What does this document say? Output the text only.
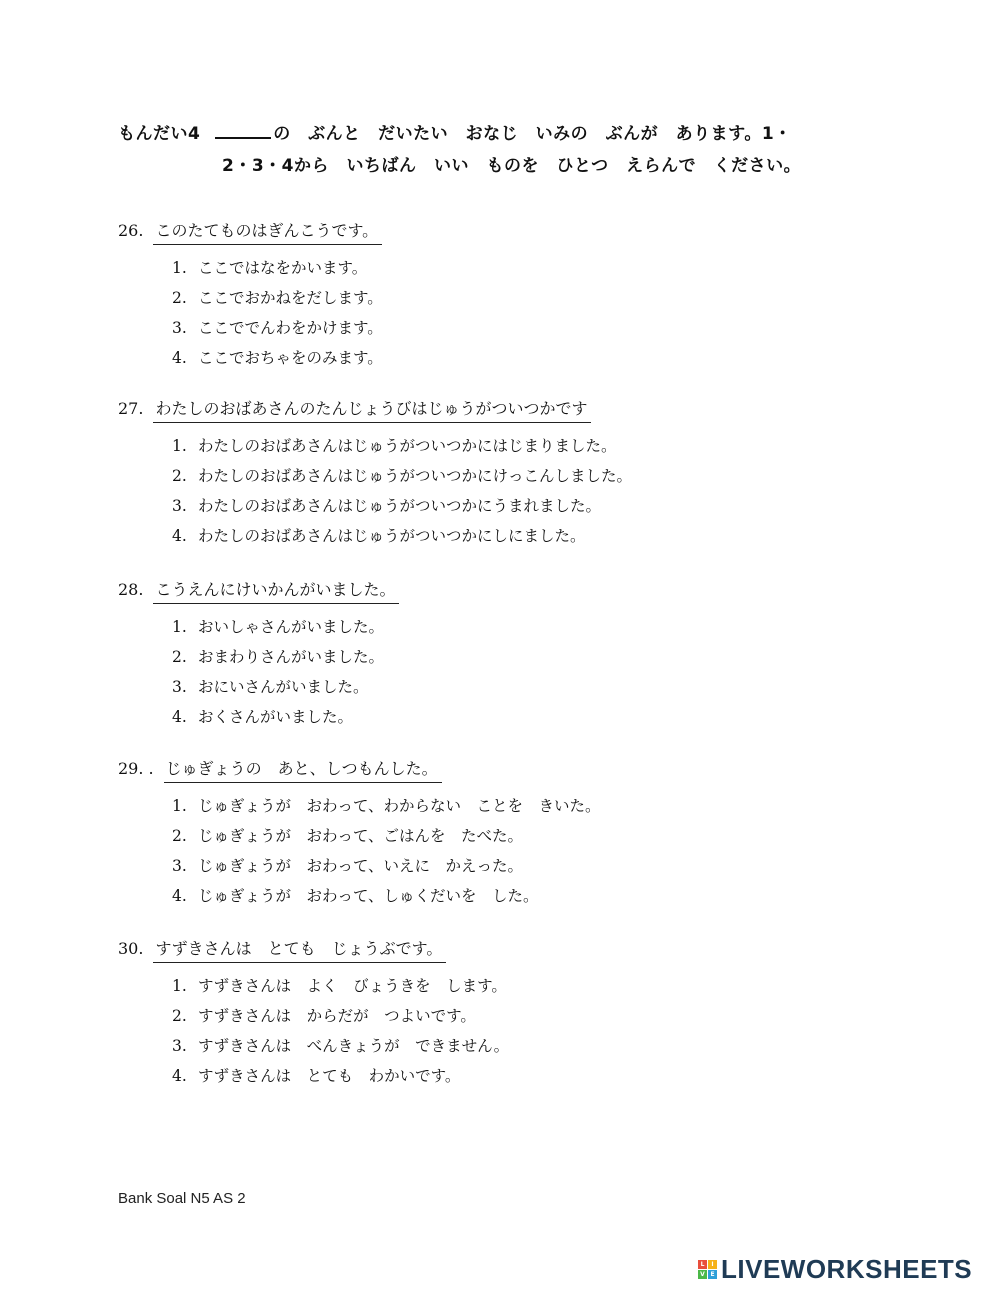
もんだい4	の　ぶんと　だいたい　おなじ　いみの　ぶんが　あります。1・
2・3・4から　いちばん　いい　ものを　ひとつ　えらんで　ください。
26. このたてものはぎんこうです。
1. ここではなをかいます。
2. ここでおかねをだします。
3. ここででんわをかけます。
4. ここでおちゃをのみます。
27. わたしのおばあさんのたんじょうびはじゅうがついつかです
1. わたしのおばあさんはじゅうがついつかにはじまりました。
2. わたしのおばあさんはじゅうがついつかにけっこんしました。
3. わたしのおばあさんはじゅうがついつかにうまれました。
4. わたしのおばあさんはじゅうがついつかにしにました。
28. こうえんにけいかんがいました。
1. おいしゃさんがいました。
2. おまわりさんがいました。
3. おにいさんがいました。
4. おくさんがいました。
29. . じゅぎょうの　あと、しつもんした。
1. じゅぎょうが　おわって、わからない　ことを　きいた。
2. じゅぎょうが　おわって、ごはんを　たべた。
3. じゅぎょうが　おわって、いえに　かえった。
4. じゅぎょうが　おわって、しゅくだいを　した。
30. すずきさんは　とても　じょうぶです。
1. すずきさんは　よく　びょうきを　します。
2. すずきさんは　からだが　つよいです。
3. すずきさんは　べんきょうが　できません。
4. すずきさんは　とても　わかいです。
Bank Soal N5 AS 2
L	I
V E LIVEWORKSHEETS
